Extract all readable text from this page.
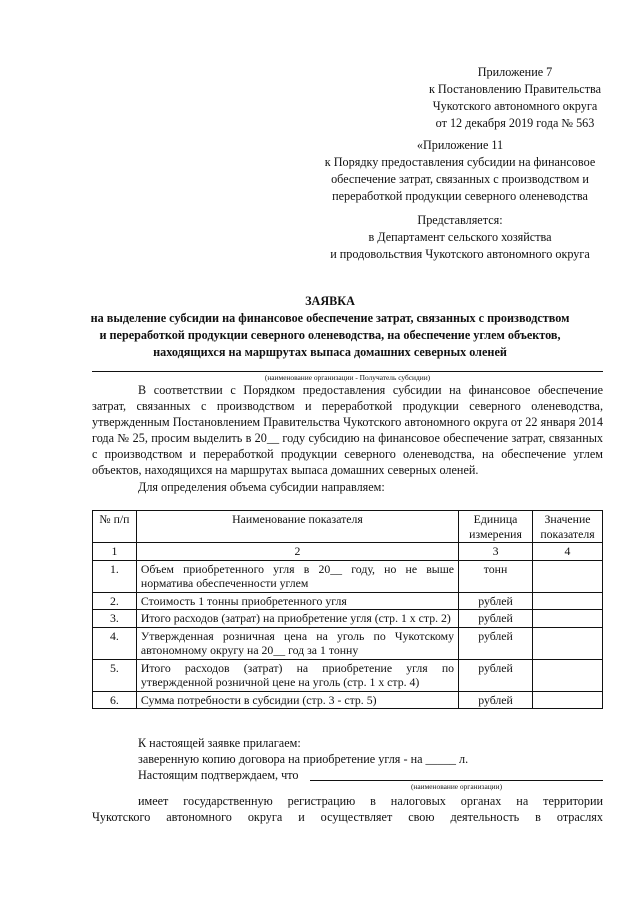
Приложение 7
к Постановлению Правительства
Чукотского автономного округа
от 12 декабря 2019 года № 563
«Приложение 11
к Порядку предоставления субсидии на финансовое
обеспечение затрат, связанных с производством и
переработкой продукции северного оленеводства
Представляется:
в Департамент сельского хозяйства
и продовольствия Чукотского автономного округа
ЗАЯВКА
на выделение субсидии на финансовое обеспечение затрат, связанных с производством
и переработкой продукции северного оленеводства, на обеспечение углем объектов,
находящихся на маршрутах выпаса домашних северных оленей
(наименование организации - Получатель субсидии)

В соответствии с Порядком предоставления субсидии на финансовое обеспечение затрат, связанных с производством и переработкой продукции северного оленеводства, утвержденным Постановлением Правительства Чукотского автономного округа от 22 января 2014 года № 25, просим выделить в 20__ году субсидию на финансовое обеспечение затрат, связанных с производством и переработкой продукции северного оленеводства, на обеспечение углем объектов, находящихся на маршрутах выпаса домашних северных оленей.

Для определения объема субсидии направляем:

№ п/п	Наименование показателя	Единица измерения	Значение показателя
1	2	3	4
1.	Объем приобретенного угля в 20__ году, но не выше норматива обеспеченности углем	тонн	
2.	Стоимость 1 тонны приобретенного угля	рублей	
3.	Итого расходов (затрат) на приобретение угля (стр. 1 х стр. 2)	рублей	
4.	Утвержденная розничная цена на уголь по Чукотскому автономному округу на 20__ год за 1 тонну	рублей	
5.	Итого расходов (затрат) на приобретение угля по утвержденной розничной цене на уголь (стр. 1 х стр. 4)	рублей	
6.	Сумма потребности в субсидии (стр. 3 - стр. 5)	рублей	
К настоящей заявке прилагаем:
заверенную копию договора на приобретение угля - на _____ л.
Настоящим подтверждаем, что
(наименование организации)
имеет государственную регистрацию в налоговых органах на территории
Чукотского автономного округа и осуществляет свою деятельность в отраслях
